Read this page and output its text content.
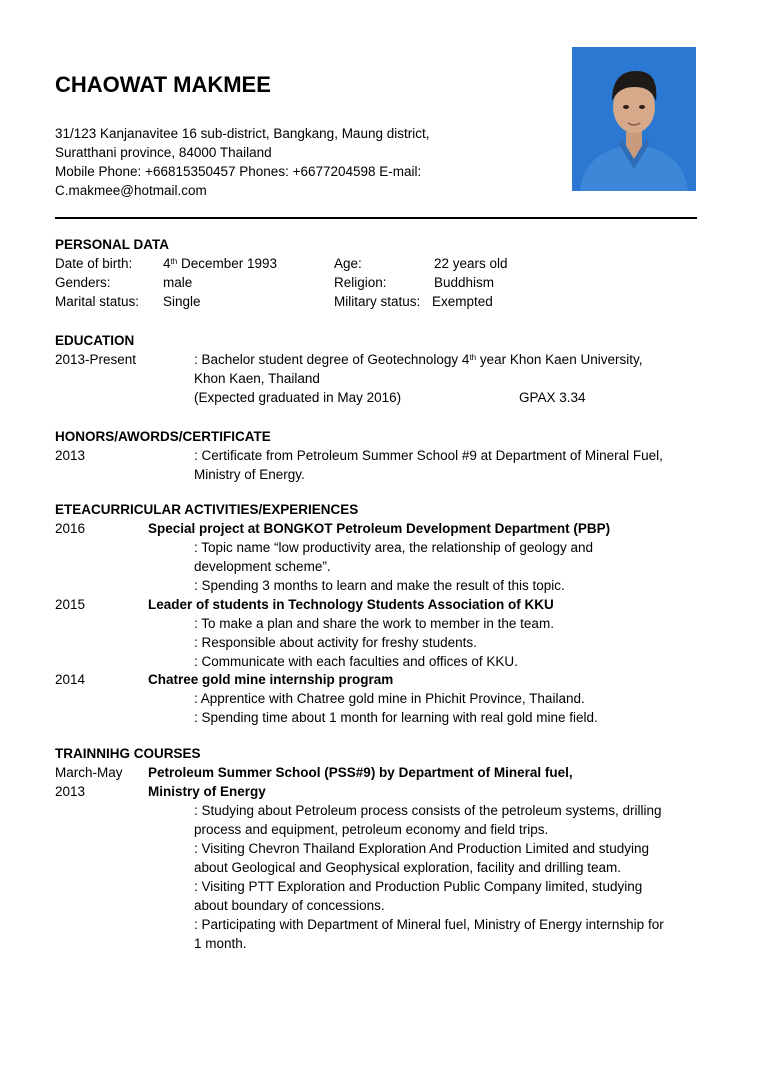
CHAOWAT MAKMEE
31/123 Kanjanavitee 16 sub-district, Bangkang, Maung district,
Suratthani province, 84000 Thailand
Mobile Phone: +66815350457 Phones: +6677204598 E-mail:
C.makmee@hotmail.com
PERSONAL DATA
Date of birth: 4th December 1993	Age:	22 years old
Genders:	male	Religion:	Buddhism
Marital status: Single	Military status: Exempted
EDUCATION
2013-Present	: Bachelor student degree of Geotechnology 4th year Khon Kaen University,
Khon Kaen, Thailand
(Expected graduated in May 2016)	GPAX 3.34
HONORS/AWORDS/CERTIFICATE
2013	: Certificate from Petroleum Summer School #9 at Department of Mineral Fuel,
Ministry of Energy.
ETEACURRICULAR ACTIVITIES/EXPERIENCES
2016	Special project at BONGKOT Petroleum Development Department (PBP)
: Topic name “low productivity area, the relationship of geology and
development scheme”.
: Spending 3 months to learn and make the result of this topic.
2015	Leader of students in Technology Students Association of KKU
: To make a plan and share the work to member in the team.
: Responsible about activity for freshy students.
: Communicate with each faculties and offices of KKU.
2014	Chatree gold mine internship program
: Apprentice with Chatree gold mine in Phichit Province, Thailand.
: Spending time about 1 month for learning with real gold mine field.
TRAINNIHG COURSES
March-May Petroleum Summer School (PSS#9) by Department of Mineral fuel,
2013	Ministry of Energy
: Studying about Petroleum process consists of the petroleum systems, drilling
process and equipment, petroleum economy and field trips.
: Visiting Chevron Thailand Exploration And Production Limited and studying
about Geological and Geophysical exploration, facility and drilling team.
: Visiting PTT Exploration and Production Public Company limited, studying
about boundary of concessions.
: Participating with Department of Mineral fuel, Ministry of Energy internship for
1 month.
